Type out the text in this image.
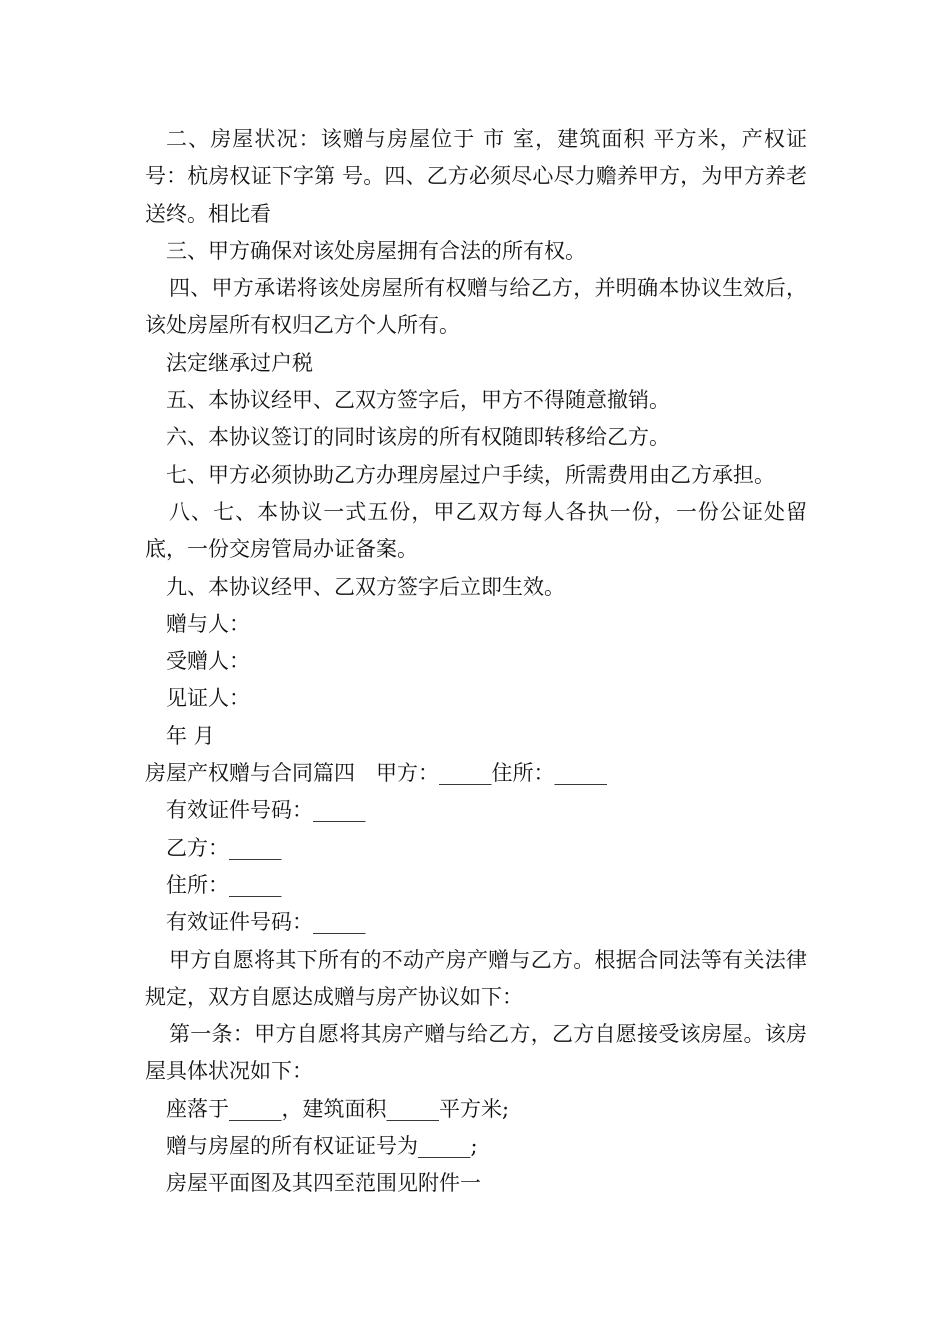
二、房屋状况：该赠与房屋位于 市 室，建筑面积 平方米，产权证号：杭房权证下字第 号。四、乙方必须尽心尽力赡养甲方，为甲方养老送终。相比看

三、甲方确保对该处房屋拥有合法的所有权。

四、甲方承诺将该处房屋所有权赠与给乙方，并明确本协议生效后，该处房屋所有权归乙方个人所有。

法定继承过户税

五、本协议经甲、乙双方签字后，甲方不得随意撤销。

六、本协议签订的同时该房的所有权随即转移给乙方。

七、甲方必须协助乙方办理房屋过户手续，所需费用由乙方承担。

八、七、本协议一式五份，甲乙双方每人各执一份，一份公证处留底，一份交房管局办证备案。

九、本协议经甲、乙双方签字后立即生效。

赠与人：

受赠人：

见证人：

年 月

房屋产权赠与合同篇四　甲方：_____住所：_____

有效证件号码：_____

乙方：_____

住所：_____

有效证件号码：_____

甲方自愿将其下所有的不动产房产赠与乙方。根据合同法等有关法律规定，双方自愿达成赠与房产协议如下：

第一条：甲方自愿将其房产赠与给乙方，乙方自愿接受该房屋。该房屋具体状况如下：

座落于_____，建筑面积_____平方米;

赠与房屋的所有权证证号为_____;

房屋平面图及其四至范围见附件一
